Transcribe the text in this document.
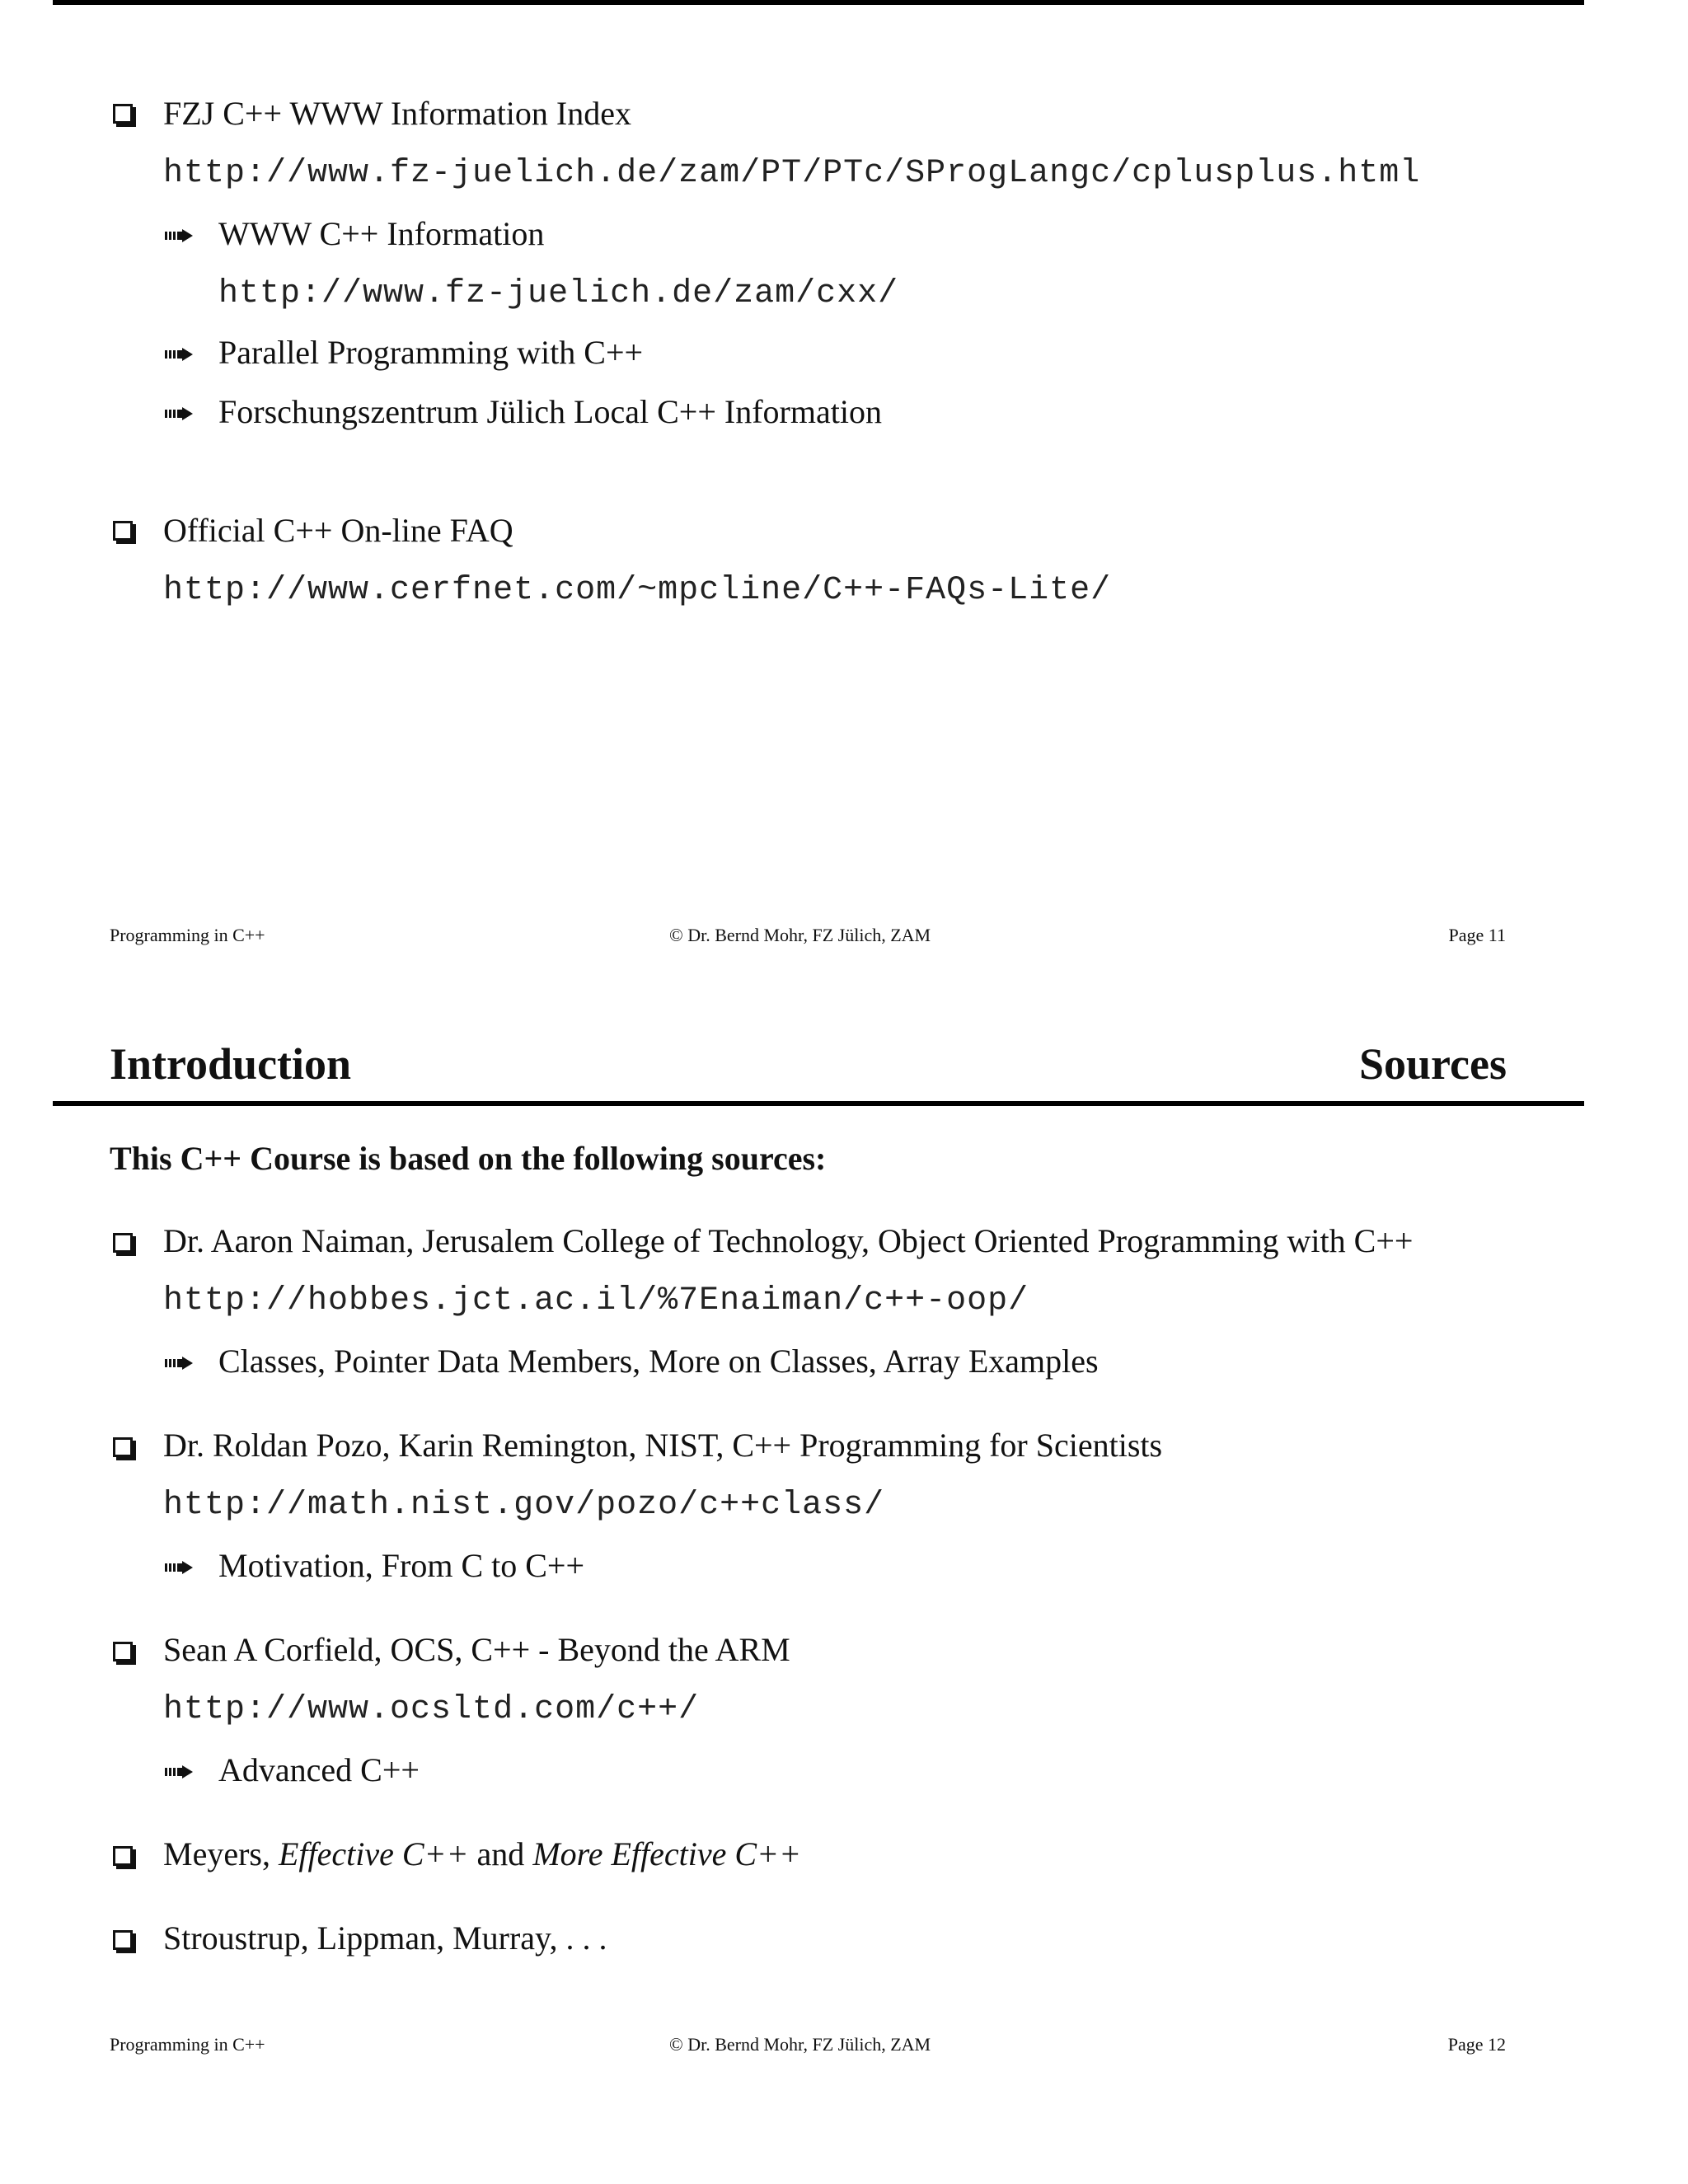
FZJ C++ WWW Information Index
http://www.fz-juelich.de/zam/PT/PTc/SProgLangc/cplusplus.html
WWW C++ Information
http://www.fz-juelich.de/zam/cxx/
Parallel Programming with C++
Forschungszentrum Jülich Local C++ Information
Official C++ On-line FAQ
http://www.cerfnet.com/~mpcline/C++-FAQs-Lite/
Programming in C++	© Dr. Bernd Mohr, FZ Jülich, ZAM	Page 11
Introduction	Sources
This C++ Course is based on the following sources:
Dr. Aaron Naiman, Jerusalem College of Technology, Object Oriented Programming with C++
http://hobbes.jct.ac.il/%7Enaiman/c++-oop/
Classes, Pointer Data Members, More on Classes, Array Examples
Dr. Roldan Pozo, Karin Remington, NIST, C++ Programming for Scientists
http://math.nist.gov/pozo/c++class/
Motivation, From C to C++
Sean A Corfield, OCS, C++ - Beyond the ARM
http://www.ocsltd.com/c++/
Advanced C++
Meyers, Effective C++ and More Effective C++
Stroustrup, Lippman, Murray, . . .
Programming in C++	© Dr. Bernd Mohr, FZ Jülich, ZAM	Page 12
